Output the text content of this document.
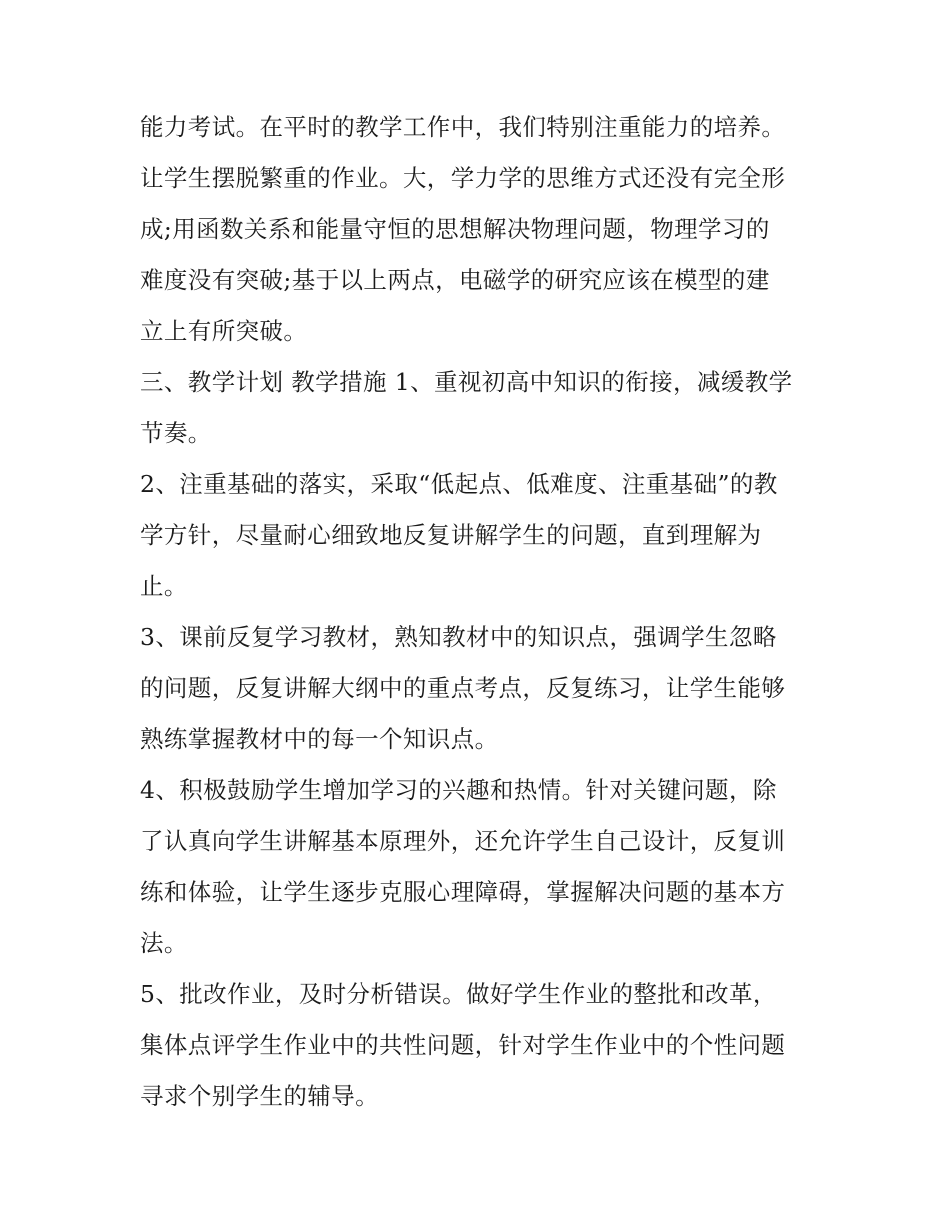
能力考试。在平时的教学工作中，我们特别注重能力的培养。
让学生摆脱繁重的作业。大，学力学的思维方式还没有完全形
成;用函数关系和能量守恒的思想解决物理问题，物理学习的
难度没有突破;基于以上两点，电磁学的研究应该在模型的建
立上有所突破。
三、教学计划 教学措施 1、重视初高中知识的衔接，减缓教学
节奏。
2、注重基础的落实，采取“低起点、低难度、注重基础”的教
学方针，尽量耐心细致地反复讲解学生的问题，直到理解为
止。
3、课前反复学习教材，熟知教材中的知识点，强调学生忽略
的问题，反复讲解大纲中的重点考点，反复练习，让学生能够
熟练掌握教材中的每一个知识点。
4、积极鼓励学生增加学习的兴趣和热情。针对关键问题，除
了认真向学生讲解基本原理外，还允许学生自己设计，反复训
练和体验，让学生逐步克服心理障碍，掌握解决问题的基本方
法。
5、批改作业，及时分析错误。做好学生作业的整批和改革，
集体点评学生作业中的共性问题，针对学生作业中的个性问题
寻求个别学生的辅导。
